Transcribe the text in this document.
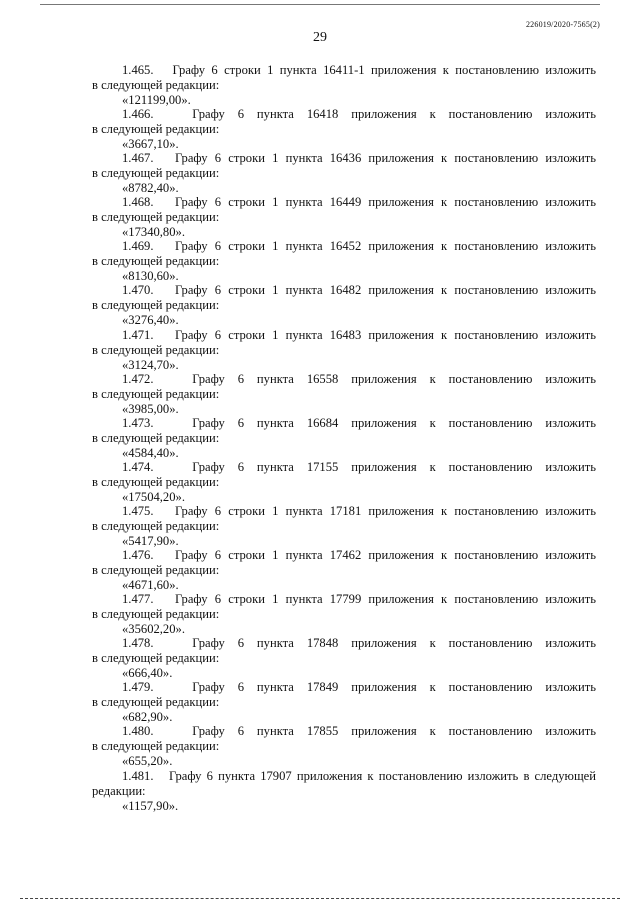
226019/2020-7565(2)
29
1.465. Графу 6 строки 1 пункта 16411-1 приложения к постановлению изложить
в следующей редакции:
«121199,00».
1.466.	Графу 6 пункта 16418 приложения к постановлению изложить
в следующей редакции:
«3667,10».
1.467. Графу 6 строки 1 пункта 16436 приложения к постановлению изложить
в следующей редакции:
«8782,40».
1.468. Графу 6 строки 1 пункта 16449 приложения к постановлению изложить
в следующей редакции:
«17340,80».
1.469. Графу 6 строки 1 пункта 16452 приложения к постановлению изложить
в следующей редакции:
«8130,60».
1.470. Графу 6 строки 1 пункта 16482 приложения к постановлению изложить
в следующей редакции:
«3276,40».
1.471. Графу 6 строки 1 пункта 16483 приложения к постановлению изложить
в следующей редакции:
«3124,70».
1.472.	Графу 6 пункта 16558 приложения к постановлению изложить
в следующей редакции:
«3985,00».
1.473.	Графу 6 пункта 16684 приложения к постановлению изложить
в следующей редакции:
«4584,40».
1.474.	Графу 6 пункта 17155 приложения к постановлению изложить
в следующей редакции:
«17504,20».
1.475. Графу 6 строки 1 пункта 17181 приложения к постановлению изложить
в следующей редакции:
«5417,90».
1.476. Графу 6 строки 1 пункта 17462 приложения к постановлению изложить
в следующей редакции:
«4671,60».
1.477. Графу 6 строки 1 пункта 17799 приложения к постановлению изложить
в следующей редакции:
«35602,20».
1.478.	Графу 6 пункта 17848 приложения к постановлению изложить
в следующей редакции:
«666,40».
1.479.	Графу 6 пункта 17849 приложения к постановлению изложить
в следующей редакции:
«682,90».
1.480.	Графу 6 пункта 17855 приложения к постановлению изложить
в следующей редакции:
«655,20».
1.481. Графу 6 пункта 17907 приложения к постановлению изложить в следующей
редакции:
«1157,90».
